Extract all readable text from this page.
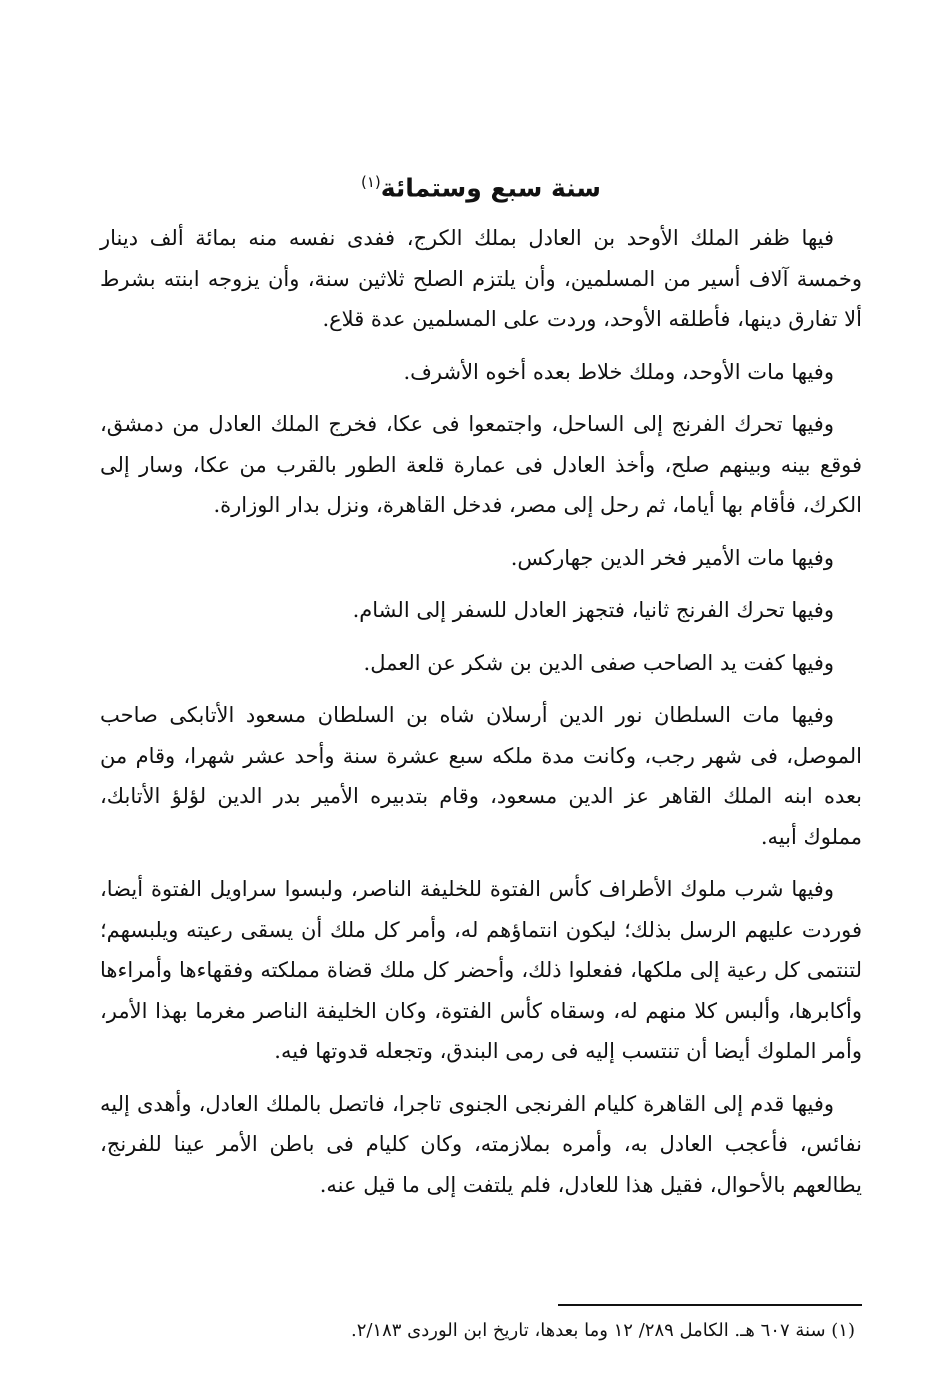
سنة سبع وستمائة$^{(١)}$

فيها ظفر الملك الأوحد بن العادل بملك الكرج، ففدى نفسه منه بمائة ألف دينار وخمسة آلاف أسير من المسلمين، وأن يلتزم الصلح ثلاثين سنة، وأن يزوجه ابنته بشرط ألا تفارق دينها، فأطلقه الأوحد، وردت على المسلمين عدة قلاع.

وفيها مات الأوحد، وملك خلاط بعده أخوه الأشرف.

وفيها تحرك الفرنج إلى الساحل، واجتمعوا فى عكا، فخرج الملك العادل من دمشق، فوقع بينه وبينهم صلح، وأخذ العادل فى عمارة قلعة الطور بالقرب من عكا، وسار إلى الكرك، فأقام بها أياما، ثم رحل إلى مصر، فدخل القاهرة، ونزل بدار الوزارة.

وفيها مات الأمير فخر الدين جهاركس.

وفيها تحرك الفرنج ثانيا، فتجهز العادل للسفر إلى الشام.

وفيها كفت يد الصاحب صفى الدين بن شكر عن العمل.

وفيها مات السلطان نور الدين أرسلان شاه بن السلطان مسعود الأتابكى صاحب الموصل، فى شهر رجب، وكانت مدة ملكه سبع عشرة سنة وأحد عشر شهرا، وقام من بعده ابنه الملك القاهر عز الدين مسعود، وقام بتدبيره الأمير بدر الدين لؤلؤ الأتابك، مملوك أبيه.

وفيها شرب ملوك الأطراف كأس الفتوة للخليفة الناصر، ولبسوا سراويل الفتوة أيضا، فوردت عليهم الرسل بذلك؛ ليكون انتماؤهم له، وأمر كل ملك أن يسقى رعيته ويلبسهم؛ لتنتمى كل رعية إلى ملكها، ففعلوا ذلك، وأحضر كل ملك قضاة مملكته وفقهاءها وأمراءها وأكابرها، وألبس كلا منهم له، وسقاه كأس الفتوة، وكان الخليفة الناصر مغرما بهذا الأمر، وأمر الملوك أيضا أن تنتسب إليه فى رمى البندق، وتجعله قدوتها فيه.

وفيها قدم إلى القاهرة كليام الفرنجى الجنوى تاجرا، فاتصل بالملك العادل، وأهدى إليه نفائس، فأعجب العادل به، وأمره بملازمته، وكان كليام فى باطن الأمر عينا للفرنج، يطالعهم بالأحوال، فقيل هذا للعادل، فلم يلتفت إلى ما قيل عنه.

(١) سنة ٦٠٧ هـ. الكامل ٢٨٩/ ١٢ وما بعدها، تاريخ ابن الوردى ٢/١٨٣.
